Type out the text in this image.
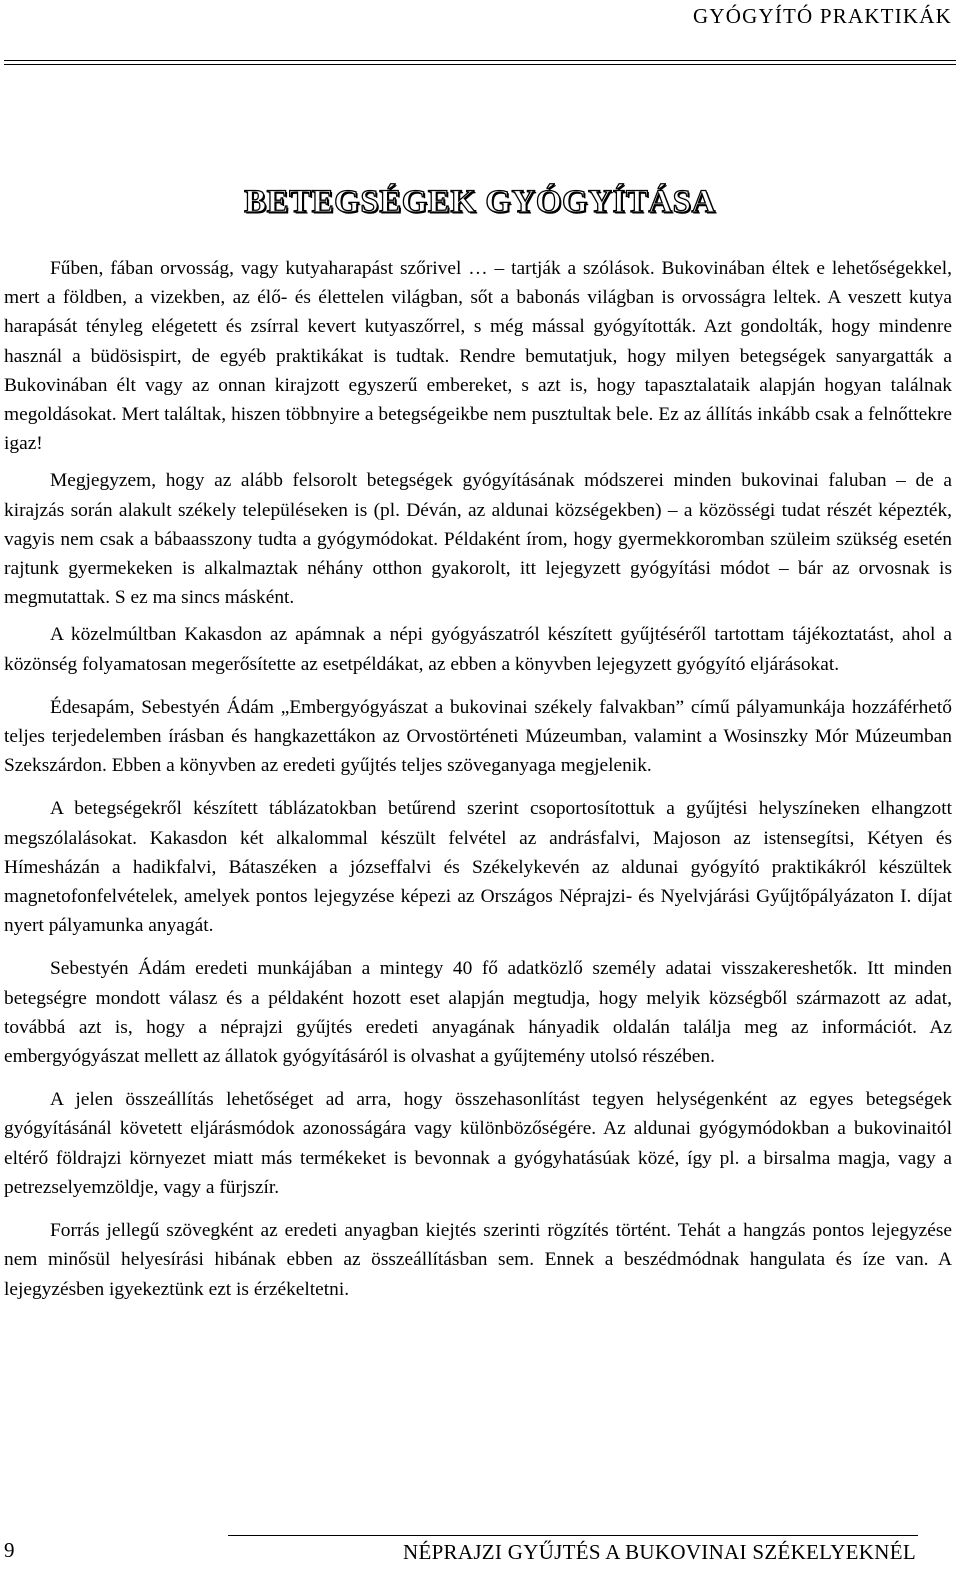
GYÓGYÍTÓ PRAKTIKÁK
BETEGSÉGEK GYÓGYÍTÁSA

Fűben, fában orvosság, vagy kutyaharapást szőrivel … – tartják a szólások. Bukovinában éltek e lehetőségekkel, mert a földben, a vizekben, az élő- és élettelen világban, sőt a babonás világban is orvosságra leltek. A veszett kutya harapását tényleg elégetett és zsírral kevert kutyaszőrrel, s még mással gyógyították. Azt gondolták, hogy mindenre használ a büdösispirt, de egyéb praktikákat is tudtak. Rendre bemutatjuk, hogy milyen betegségek sanyargatták a Bukovinában élt vagy az onnan kirajzott egyszerű embereket, s azt is, hogy tapasztalataik alapján hogyan találnak megoldásokat. Mert találtak, hiszen többnyire a betegségeikbe nem pusztultak bele. Ez az állítás inkább csak a felnőttekre igaz!

Megjegyzem, hogy az alább felsorolt betegségek gyógyításának módszerei minden bukovinai faluban – de a kirajzás során alakult székely településeken is (pl. Déván, az aldunai községekben) – a közösségi tudat részét képezték, vagyis nem csak a bábaasszony tudta a gyógymódokat. Példaként írom, hogy gyermekkoromban szüleim szükség esetén rajtunk gyermekeken is alkalmaztak néhány otthon gyakorolt, itt lejegyzett gyógyítási módot – bár az orvosnak is megmutattak. S ez ma sincs másként.

A közelmúltban Kakasdon az apámnak a népi gyógyászatról készített gyűjtéséről tartottam tájékoztatást, ahol a közönség folyamatosan megerősítette az esetpéldákat, az ebben a könyvben lejegyzett gyógyító eljárásokat.

Édesapám, Sebestyén Ádám „Embergyógyászat a bukovinai székely falvakban” című pályamunkája hozzáférhető teljes terjedelemben írásban és hangkazettákon az Orvostörténeti Múzeumban, valamint a Wosinszky Mór Múzeumban Szekszárdon. Ebben a könyvben az eredeti gyűjtés teljes szöveganyaga megjelenik.

A betegségekről készített táblázatokban betűrend szerint csoportosítottuk a gyűjtési helyszíneken elhangzott megszólalásokat. Kakasdon két alkalommal készült felvétel az andrásfalvi, Majoson az istensegítsi, Kétyen és Hímesházán a hadikfalvi, Bátaszéken a józseffalvi és Székelykevén az aldunai gyógyító praktikákról készültek magnetofonfelvételek, amelyek pontos lejegyzése képezi az Országos Néprajzi- és Nyelvjárási Gyűjtőpályázaton I. díjat nyert pályamunka anyagát.

Sebestyén Ádám eredeti munkájában a mintegy 40 fő adatközlő személy adatai visszakereshetők. Itt minden betegségre mondott válasz és a példaként hozott eset alapján megtudja, hogy melyik községből származott az adat, továbbá azt is, hogy a néprajzi gyűjtés eredeti anyagának hányadik oldalán találja meg az információt. Az embergyógyászat mellett az állatok gyógyításáról is olvashat a gyűjtemény utolsó részében.

A jelen összeállítás lehetőséget ad arra, hogy összehasonlítást tegyen helységenként az egyes betegségek gyógyításánál követett eljárásmódok azonosságára vagy különbözőségére. Az aldunai gyógymódokban a bukovinaitól eltérő földrajzi környezet miatt más termékeket is bevonnak a gyógyhatásúak közé, így pl. a birsalma magja, vagy a petrezselyemzöldje, vagy a fürjszír.

Forrás jellegű szövegként az eredeti anyagban kiejtés szerinti rögzítés történt. Tehát a hangzás pontos lejegyzése nem minősül helyesírási hibának ebben az összeállításban sem. Ennek a beszédmódnak hangulata és íze van. A lejegyzésben igyekeztünk ezt is érzékeltetni.

9	NÉPRAJZI GYŰJTÉS A BUKOVINAI SZÉKELYEKNÉL
